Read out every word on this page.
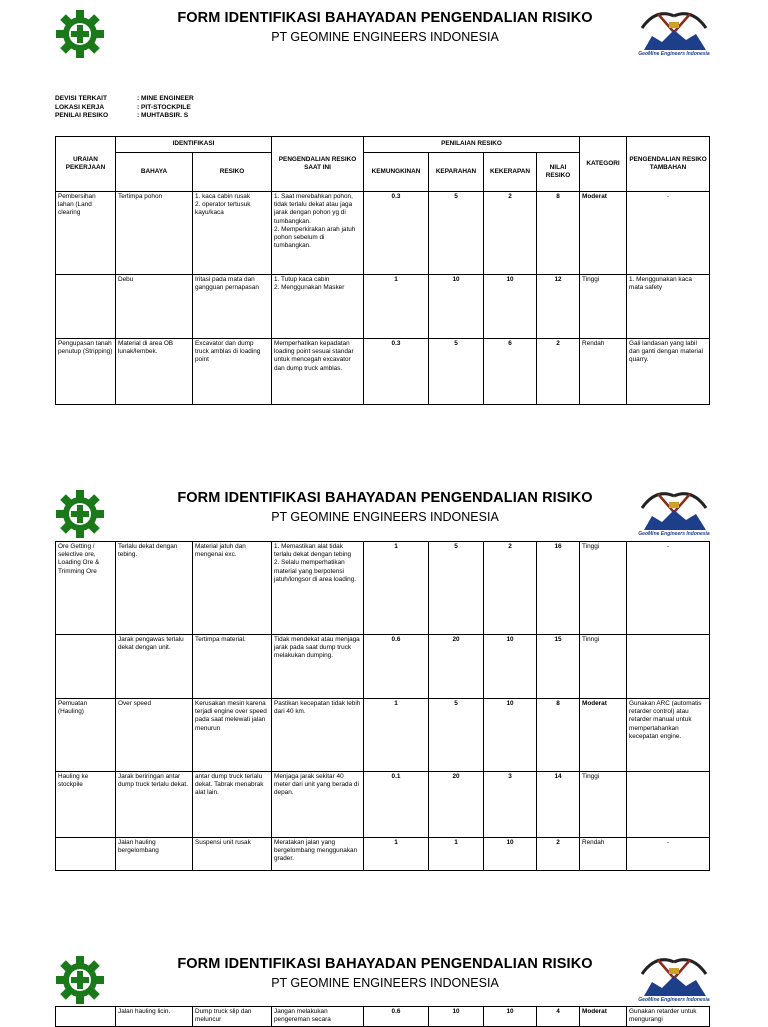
FORM IDENTIFIKASI BAHAYADAN PENGENDALIAN RISIKO
PT GEOMINE ENGINEERS INDONESIA
GeoMine Engineers Indonesia
DEVISI TERKAIT	: MINE ENGINEER
LOKASI KERJA	: PIT-STOCKPILE
PENILAI RESIKO	: MUHTABSIR. S
URAIAN PEKERJAAN	IDENTIFIKASI		PENGENDALIAN RESIKO SAAT INI	PENILAIAN RESIKO				KATEGORI	PENGENDALIAN RESIKO TAMBAHAN
	BAHAYA	RESIKO		KEMUNGKINAN	KEPARAHAN	KEKERAPAN	NILAI RESIKO		
Pembersihan lahan (Land clearing	Tertimpa pohon	1. kaca cabin rusak
2. operator tertusuk kayu/kaca	1. Saat merebahkan pohon, tidak terlalu dekat atau jaga jarak dengan pohon yg di tumbangkan.
2. Memperkirakan arah jatuh pohon sebelum di tumbangkan.	0.3	5	2	8	Moderat	-
	Debu	Iritasi pada mata dan gangguan pernapasan	1. Tutup kaca cabin
2. Menggunakan Masker	1	10	10	12	Tinggi	1. Menggunakan kaca mata safety
Pengupasan tanah penutup (Stripping)	Material di area OB lunak/lembek.	Excavator dan dump truck amblas di loading point	Memperhatikan kepadatan loading point sesuai standar untuk mencegah excavator dan dump truck amblas.	0.3	5	6	2	Rendah	Gali landasan yang labil dan ganti dengan material quarry.
FORM IDENTIFIKASI BAHAYADAN PENGENDALIAN RISIKO
PT GEOMINE ENGINEERS INDONESIA
GeoMine Engineers Indonesia
Ore Getting / selective ore, Loading Ore & Trimming Ore	Terlalu dekat dengan tebing.	Material jatuh dan mengenai exc.	1. Memastikan alat tidak terlalu dekat dengan tebing
2. Selalu memperhatikan material yang berpotensi jatuh/longsor di area loading.	1	5	2	16	Tinggi	-
	Jarak pengawas terlalu dekat dengan unit.	Tertimpa material.	Tidak mendekat atau menjaga jarak pada saat dump truck melakukan dumping.	0.6	20	10	15	Tinngi	
Pemuatan (Hauling)	Over speed	Kerusakan mesin karena terjadi engine over speed pada saat melewati jalan menurun	Pastikan kecepatan tidak lebih dari 40 km.	1	5	10	8	Moderat	Gunakan ARC (automatis retarder control) atau retarder manual untuk mempertahankan kecepatan engine.
Hauling ke stockpile	Jarak beriringan antar dump truck terlalu dekat.	antar dump truck terlalu dekat. Tabrak menabrak alat lain.	Menjaga jarak sekitar 40 meter dari unit yang berada di depan.	0.1	20	3	14	Tinggi	
	Jalan hauling bergelombang	Suspensi unit rusak	Meratakan jalan yang bergelombang menggunakan grader.	1	1	10	2	Rendah	-
FORM IDENTIFIKASI BAHAYADAN PENGENDALIAN RISIKO
PT GEOMINE ENGINEERS INDONESIA
GeoMine Engineers Indonesia
	Jalan hauling licin.	Dump truck slip dan meluncur	Jangan melakukan pengereman secara	0.6	10	10	4	Moderat	Gunakan retarder untuk mengurangi
